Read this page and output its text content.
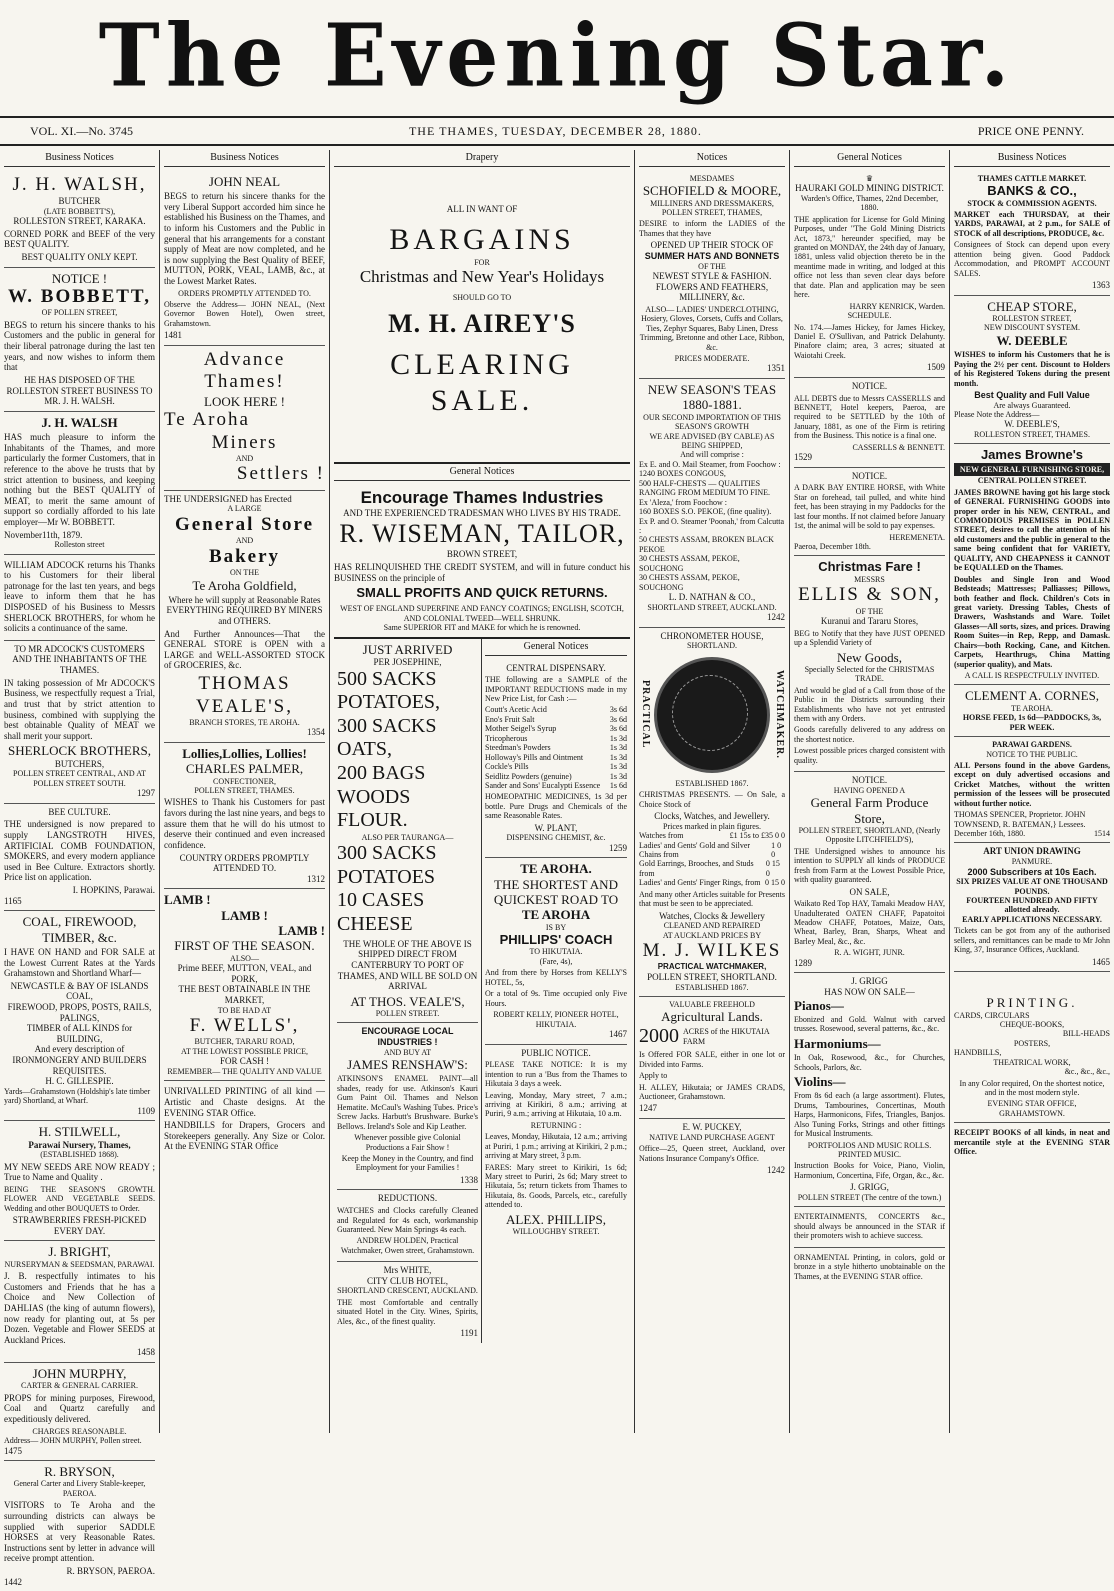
The Evening Star.
VOL. XI.—No. 3745	THE THAMES, TUESDAY, DECEMBER 28, 1880.	PRICE ONE PENNY.
Business Notices
J. H. WALSH,
BUTCHER
(LATE BOBBETT'S),
ROLLESTON STREET, KARAKA.

CORNED PORK and BEEF of the very BEST QUALITY.

BEST QUALITY ONLY KEPT.
NOTICE !
W. BOBBETT,
OF POLLEN STREET,

BEGS to return his sincere thanks to his Customers and the public in general for their liberal patronage during the last ten years, and now wishes to inform them that

HE HAS DISPOSED OF THE
ROLLESTON STREET BUSINESS TO
MR. J. H. WALSH.
J. H. WALSH

HAS much pleasure to inform the Inhabitants of the Thames, and more particularly the former Customers, that in reference to the above he trusts that by strict attention to business, and keeping nothing but the BEST QUALITY of MEAT, to merit the same amount of support so cordially afforded to his late employer—Mr W. BOBBETT.

November11th, 1879.
Rolleston street

WILLIAM ADCOCK returns his Thanks to his Customers for their liberal patronage for the last ten years, and begs leave to inform them that he has DISPOSED of his Business to Messrs SHERLOCK BROTHERS, for whom he solicits a continuance of the same.

TO MR ADCOCK'S CUSTOMERS AND THE INHABITANTS OF THE THAMES.

IN taking possession of Mr ADCOCK'S Business, we respectfully request a Trial, and trust that by strict attention to business, combined with supplying the best obtainable Quality of MEAT we shall merit your support.

SHERLOCK BROTHERS,
BUTCHERS,
POLLEN STREET CENTRAL, AND AT POLLEN STREET SOUTH.
1297
BEE CULTURE.

THE undersigned is now prepared to supply LANGSTROTH HIVES, ARTIFICIAL COMB FOUNDATION, SMOKERS, and every modern appliance used in Bee Culture. Extractors shortly. Price list on application.

I. HOPKINS, Parawai.
1165
COAL, FIREWOOD, TIMBER, &c.

I HAVE ON HAND and FOR SALE at the Lowest Current Rates at the Yards Grahamstown and Shortland Wharf—

NEWCASTLE & BAY OF ISLANDS COAL,
FIREWOOD, PROPS, POSTS, RAILS, PALINGS,
TIMBER of ALL KINDS for BUILDING,
And every description of IRONMONGERY AND BUILDERS REQUISITES.
H. C. GILLESPIE.
Yards—Grahamstown (Holdship's late timber yard) Shortland, at Wharf.
1109
H. STILWELL,
Parawai Nursery, Thames,
(ESTABLISHED 1868).

MY NEW SEEDS ARE NOW READY ; True to Name and Quality .

BEING THE SEASON'S GROWTH. FLOWER AND VEGETABLE SEEDS. Wedding and other BOUQUETS to Order.

STRAWBERRIES FRESH-PICKED EVERY DAY.
J. BRIGHT,
NURSERYMAN & SEEDSMAN, PARAWAI.

J. B. respectfully intimates to his Customers and Friends that he has a Choice and New Collection of DAHLIAS (the king of autumn flowers), now ready for planting out, at 5s per Dozen. Vegetable and Flower SEEDS at Auckland Prices.

1458
JOHN MURPHY,
CARTER & GENERAL CARRIER.

PROPS for mining purposes, Firewood, Coal and Quartz carefully and expeditiously delivered.

CHARGES REASONABLE.
Address— JOHN MURPHY, Pollen street.
1475
R. BRYSON,
General Carter and Livery Stable-keeper, PAEROA.

VISITORS to Te Aroha and the surrounding districts can always be supplied with superior SADDLE HORSES at very Reasonable Rates. Instructions sent by letter in advance will receive prompt attention.

R. BRYSON, PAEROA.
1442
Business Notices
JOHN NEAL

BEGS to return his sincere thanks for the very Liberal Support accorded him since he established his Business on the Thames, and to inform his Customers and the Public in general that his arrangements for a constant supply of Meat are now completed, and he is now supplying the Best Quality of BEEF, MUTTON, PORK, VEAL, LAMB, &c., at the Lowest Market Rates.

ORDERS PROMPTLY ATTENDED TO.

Observe the Address— JOHN NEAL, (Next Governor Bowen Hotel), Owen street, Grahamstown.

1481
Advance Thames!
LOOK HERE !
Te Aroha
Miners
AND
Settlers !
THE UNDERSIGNED has Erected
A LARGE
General Store
AND
Bakery
ON THE
Te Aroha Goldfield,

Where he will supply at Reasonable Rates EVERYTHING REQUIRED BY MINERS and OTHERS.

And Further Announces—That the GENERAL STORE is OPEN with a LARGE and WELL-ASSORTED STOCK of GROCERIES, &c.

THOMAS VEALE'S,
BRANCH STORES, TE AROHA.
1354
Lollies,Lollies, Lollies!
CHARLES PALMER,
CONFECTIONER,
POLLEN STREET, THAMES.

WISHES to Thank his Customers for past favors during the last nine years, and begs to assure them that he will do his utmost to deserve their continued and even increased confidence.

COUNTRY ORDERS PROMPTLY ATTENDED TO.
1312
LAMB !
LAMB !
LAMB !
FIRST OF THE SEASON.
ALSO—
Prime BEEF, MUTTON, VEAL, and PORK,
THE BEST OBTAINABLE IN THE MARKET,
TO BE HAD AT
F. WELLS',
BUTCHER, TARARU ROAD,
AT THE LOWEST POSSIBLE PRICE,
FOR CASH !
REMEMBER— THE QUALITY AND VALUE

UNRIVALLED PRINTING of all kind —Artistic and Chaste designs. At the EVENING STAR Office.

HANDBILLS for Drapers, Grocers and Storekeepers generally. Any Size or Color. At the EVENING STAR Office

Drapery
ALL IN WANT OF
BARGAINS
FOR
Christmas and New Year's Holidays
SHOULD GO TO
M. H. AIREY'S
CLEARING SALE.
General Notices
Encourage Thames Industries
AND THE EXPERIENCED TRADESMAN WHO LIVES BY HIS TRADE.
R. WISEMAN, TAILOR,
BROWN STREET,

HAS RELINQUISHED THE CREDIT SYSTEM, and will in future conduct his BUSINESS on the principle of

SMALL PROFITS AND QUICK RETURNS.
WEST OF ENGLAND SUPERFINE AND FANCY COATINGS; ENGLISH, SCOTCH, AND COLONIAL TWEED—WELL SHRUNK.
Same SUPERIOR FIT and MAKE for which he is renowned.
JUST ARRIVED
PER JOSEPHINE,
500 SACKS POTATOES,
300 SACKS OATS,
200 BAGS WOODS FLOUR.
ALSO PER TAURANGA—
300 SACKS POTATOES
10 CASES CHEESE

THE WHOLE OF THE ABOVE IS SHIPPED DIRECT FROM CANTERBURY TO PORT OF THAMES, AND WILL BE SOLD ON ARRIVAL

AT THOS. VEALE'S,
POLLEN STREET.
ENCOURAGE LOCAL INDUSTRIES !
AND BUY AT
JAMES RENSHAW'S:

ATKINSON'S ENAMEL PAINT—all shades, ready for use. Atkinson's Kauri Gum Paint Oil. Thames and Nelson Hematite. McCaul's Washing Tubes. Price's Screw Jacks. Harbutt's Brushware. Burke's Bellows. Ireland's Sole and Kip Leather.

Whenever possible give Colonial Productions a Fair Show !

Keep the Money in the Country, and find Employment for your Families !

1338
REDUCTIONS.

WATCHES and Clocks carefully Cleaned and Regulated for 4s each, workmanship Guaranteed. New Main Springs 4s each.

ANDREW HOLDEN, Practical Watchmaker, Owen street, Grahamstown.

Mrs WHITE,
CITY CLUB HOTEL,
SHORTLAND CRESCENT, AUCKLAND.

THE most Comfortable and centrally situated Hotel in the City. Wines, Spirits, Ales, &c., of the finest quality.

1191
General Notices
CENTRAL DISPENSARY.

THE following are a SAMPLE of the IMPORTANT REDUCTIONS made in my New Price List, for Cash :—

Coutt's Acetic Acid	3s 6d
Eno's Fruit Salt	3s 6d
Mother Seigel's Syrup	3s 6d
Tricopherous	1s 3d
Steedman's Powders	1s 3d
Holloway's Pills and Ointment	1s 3d
Cockle's Pills	1s 3d
Seidlitz Powders (genuine)	1s 3d
Sander and Sons' Eucalypti Essence 1s 6d

HOMEOPATHIC MEDICINES, 1s 3d per bottle. Pure Drugs and Chemicals of the same Reasonable Rates.

W. PLANT,
DISPENSING CHEMIST, &c.
1259
TE AROHA.
THE SHORTEST AND QUICKEST ROAD TO
TE AROHA
IS BY
PHILLIPS' COACH
TO HIKUTAIA.
(Fare, 4s),

And from there by Horses from KELLY'S HOTEL, 5s,

Or a total of 9s. Time occupied only Five Hours.

ROBERT KELLY, PIONEER HOTEL, HIKUTAIA.
1467
PUBLIC NOTICE.

PLEASE TAKE NOTICE: It is my intention to run a 'Bus from the Thames to Hikutaia 3 days a week.

Leaving, Monday, Mary street, 7 a.m.; arriving at Kirikiri, 8 a.m.; arriving at Puriri, 9 a.m.; arriving at Hikutaia, 10 a.m.

RETURNING :

Leaves, Monday, Hikutaia, 12 a.m.; arriving at Puriri, 1 p.m.; arriving at Kirikiri, 2 p.m.; arriving at Mary street, 3 p.m.

FARES: Mary street to Kirikiri, 1s 6d; Mary street to Puriri, 2s 6d; Mary street to Hikutaia, 5s; return tickets from Thames to Hikutaia, 8s. Goods, Parcels, etc., carefully attended to.

ALEX. PHILLIPS,
WILLOUGHBY STREET.
Notices
MESDAMES
SCHOFIELD & MOORE,
MILLINERS AND DRESSMAKERS,
POLLEN STREET, THAMES,

DESIRE to inform the LADIES of the Thames that they have

OPENED UP THEIR STOCK OF
SUMMER HATS AND BONNETS
OF THE
NEWEST STYLE & FASHION.
FLOWERS AND FEATHERS, MILLINERY, &c.

ALSO— LADIES' UNDERCLOTHING, Hosiery, Gloves, Corsets, Cuffs and Collars, Ties, Zephyr Squares, Baby Linen, Dress Trimming, Bretonne and other Lace, Ribbon, &c.

PRICES MODERATE.
1351
NEW SEASON'S TEAS
1880-1881.
OUR SECOND IMPORTATION OF THIS SEASON'S GROWTH
WE ARE ADVISED (BY CABLE) AS BEING SHIPPED,
And will comprise :
Ex E. and O. Mail Steamer, from Foochow :
1240 BOXES CONGOUS,
500 HALF-CHESTS — QUALITIES RANGING FROM MEDIUM TO FINE.
Ex 'Aleza,' from Foochow :
160 BOXES S.O. PEKOE, (fine quality).
Ex P. and O. Steamer 'Poonah,' from Calcutta :
50 CHESTS ASSAM, BROKEN BLACK PEKOE
30 CHESTS ASSAM, PEKOE, SOUCHONG
30 CHESTS ASSAM, PEKOE, SOUCHONG
L. D. NATHAN & CO.,
SHORTLAND STREET, AUCKLAND.
1242
CHRONOMETER HOUSE,
SHORTLAND.
PRACTICAL	WATCHMAKER.
ESTABLISHED 1867.

CHRISTMAS PRESENTS. — On Sale, a Choice Stock of

Clocks, Watches, and Jewellery.
Prices marked in plain figures.
Watches from	£1 15s to £35 0 0
Ladies' and Gents' Gold and Silver Chains from
1 0 0
Gold Earrings, Brooches, and Studs from
0 15 0
Ladies' and Gents' Finger Rings, from 0 15 0

And many other Articles suitable for Presents that must be seen to be appreciated.

Watches, Clocks & Jewellery
CLEANED AND REPAIRED
AT AUCKLAND PRICES BY
M. J. WILKES
PRACTICAL WATCHMAKER,
POLLEN STREET, SHORTLAND.
ESTABLISHED 1867.
VALUABLE FREEHOLD
Agricultural Lands.
2000 ACRES of the HIKUTAIA FARM

Is Offered FOR SALE, either in one lot or Divided into Farms.

Apply to

H. ALLEY, Hikutaia; or JAMES CRADS, Auctioneer, Grahamstown.

1247
E. W. PUCKEY,
NATIVE LAND PURCHASE AGENT

Office—25, Queen street, Auckland, over Nations Insurance Company's Office.

1242
General Notices
♛
HAURAKI GOLD MINING DISTRICT.
Warden's Office, Thames, 22nd December, 1880.

THE application for License for Gold Mining Purposes, under "The Gold Mining Districts Act, 1873," hereunder specified, may be granted on MONDAY, the 24th day of January, 1881, unless valid objection thereto be in the meantime made in writing, and lodged at this office not less than seven clear days before that date. Plan and application may be seen here.

HARRY KENRICK, Warden.
SCHEDULE.

No. 174.—James Hickey, for James Hickey, Daniel E. O'Sullivan, and Patrick Delahunty. Pinafore claim; area, 3 acres; situated at Waiotahi Creek.

1509
NOTICE.

ALL DEBTS due to Messrs CASSERLLS and BENNETT, Hotel keepers, Paeroa, are required to be SETTLED by the 10th of January, 1881, as one of the Firm is retiring from the Business. This notice is a final one.

CASSERLLS & BENNETT.
1529
NOTICE.

A DARK BAY ENTIRE HORSE, with White Star on forehead, tail pulled, and white hind feet, has been straying in my Paddocks for the last four months. If not claimed before January 1st, the animal will be sold to pay expenses.

HEREMENETA.
Paeroa, December 18th.
Christmas Fare !
MESSRS
ELLIS & SON,
OF THE
Kuranui and Tararu Stores,

BEG to Notify that they have JUST OPENED up a Splendid Variety of

New Goods,
Specially Selected for the CHRISTMAS TRADE.

And would be glad of a Call from those of the Public in the Districts surrounding their Establishments who have not yet entrusted them with any Orders.

Goods carefully delivered to any address on the shortest notice.

Lowest possible prices charged consistent with quality.

NOTICE.
HAVING OPENED A
General Farm Produce Store,
POLLEN STREET, SHORTLAND, (Nearly Opposite LITCHFIELD'S),

THE Undersigned wishes to announce his intention to SUPPLY all kinds of PRODUCE fresh from Farm at the Lowest Possible Price, with quality guaranteed.

ON SALE,

Waikato Red Top HAY, Tamaki Meadow HAY, Unadulterated OATEN CHAFF, Papatoitoi Meadow CHAFF, Potatoes, Maize, Oats, Wheat, Barley, Bran, Sharps, Wheat and Barley Meal, &c., &c.

R. A. WIGHT, JUNR.
1289
J. GRIGG
HAS NOW ON SALE—
Pianos—

Ebonized and Gold. Walnut with carved trusses. Rosewood, several patterns, &c., &c.

Harmoniums—

In Oak, Rosewood, &c., for Churches, Schools, Parlors, &c.

Violins—

From 8s 6d each (a large assortment). Flutes, Drums, Tambourines, Concertinas, Mouth Harps, Harmonicons, Fifes, Triangles, Banjos. Also Tuning Forks, Strings and other fittings for Musical Instruments.

PORTFOLIOS AND MUSIC ROLLS. PRINTED MUSIC.

Instruction Books for Voice, Piano, Violin, Harmonium, Concertina, Fife, Organ, &c., &c.

J. GRIGG,
POLLEN STREET (The centre of the town.)

ENTERTAINMENTS, CONCERTS &c., should always be announced in the STAR if their promoters wish to achieve success.

ORNAMENTAL Printing, in colors, gold or bronze in a style hitherto unobtainable on the Thames, at the EVENING STAR office.

Business Notices
THAMES CATTLE MARKET.
BANKS & CO.,
STOCK & COMMISSION AGENTS.

MARKET each THURSDAY, at their YARDS, PARAWAI, at 2 p.m., for SALE of STOCK of all descriptions, PRODUCE, &c.

Consignees of Stock can depend upon every attention being given. Good Paddock Accommodation, and PROMPT ACCOUNT SALES.

1363
CHEAP STORE,
ROLLESTON STREET,
NEW DISCOUNT SYSTEM.
W. DEEBLE

WISHES to inform his Customers that he is Paying the 2½ per cent. Discount to Holders of his Registered Tokens during the present month.

Best Quality and Full Value
Are always Guaranteed.
Please Note the Address—
W. DEEBLE'S,
ROLLESTON STREET, THAMES.
James Browne's
NEW GENERAL FURNISHING STORE,
CENTRAL POLLEN STREET.

JAMES BROWNE having got his large stock of GENERAL FURNISHING GOODS into proper order in his NEW, CENTRAL, and COMMODIOUS PREMISES in POLLEN STREET, desires to call the attention of his old customers and the public in general to the same being confident that for VARIETY, QUALITY, AND CHEAPNESS it CANNOT be EQUALLED on the Thames.

Doubles and Single Iron and Wood Bedsteads; Mattresses; Palliasses; Pillows, both feather and flock. Children's Cots in great variety. Dressing Tables, Chests of Drawers, Washstands and Ware. Toilet Glasses—All sorts, sizes, and prices. Drawing Room Suites—in Rep, Repp, and Damask. Chairs—both Rocking, Cane, and Kitchen. Carpets, Hearthrugs, China Matting (superior quality), and Mats.

A CALL IS RESPECTFULLY INVITED.
CLEMENT A. CORNES,
TE AROHA.
HORSE FEED, 1s 6d—PADDOCKS, 3s, PER WEEK.
PARAWAI GARDENS.
NOTICE TO THE PUBLIC.

ALL Persons found in the above Gardens, except on duly advertised occasions and Cricket Matches, without the written permission of the lessees will be prosecuted without further notice.

THOMAS SPENCER, Proprietor. JOHN TOWNSEND, R. BATEMAN,} Lessees.
December 16th, 1880.	1514
ART UNION DRAWING
PANMURE.
2000 Subscribers at 10s Each.
SIX PRIZES VALUE AT ONE THOUSAND POUNDS.
FOURTEEN HUNDRED AND FIFTY allotted already.
EARLY APPLICATIONS NECESSARY.

Tickets can be got from any of the authorised sellers, and remittances can be made to Mr John King, 37, Insurance Offices, Auckland.

1465
PRINTING.
CARDS, CIRCULARS
CHEQUE-BOOKS,
BILL-HEADS
POSTERS,
HANDBILLS,
THEATRICAL WORK,
&c., &c., &c.,

In any Color required, On the shortest notice, and in the most modern style.

EVENING STAR OFFICE,
GRAHAMSTOWN.

RECEIPT BOOKS of all kinds, in neat and mercantile style at the EVENING STAR Office.
